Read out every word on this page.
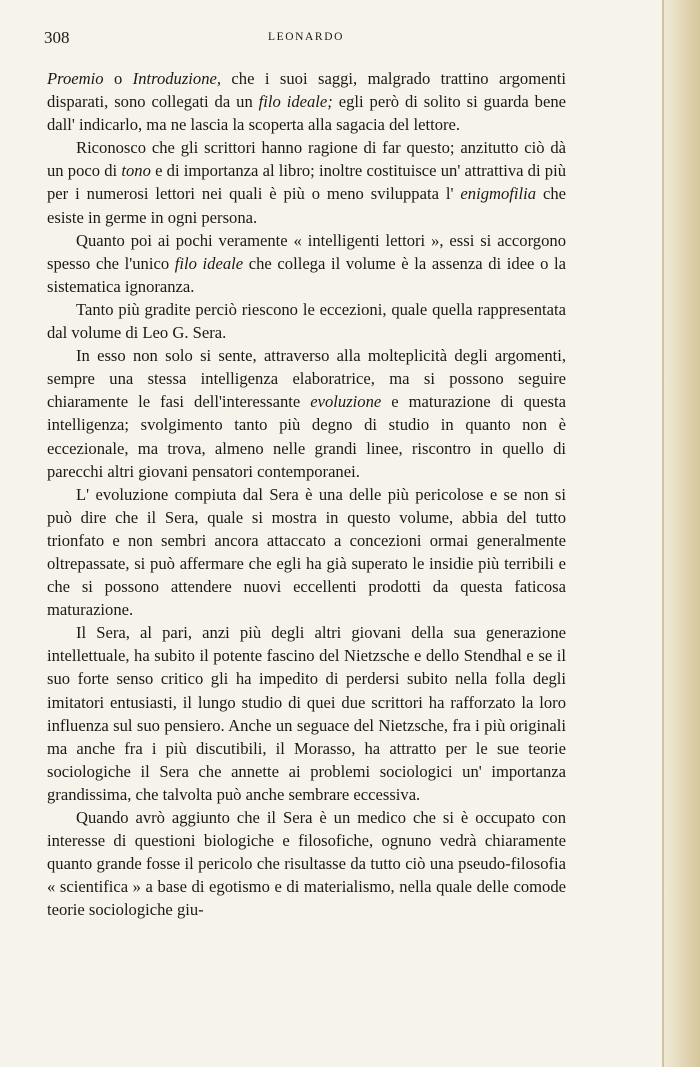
308	LEONARDO

Proemio o Introduzione, che i suoi saggi, malgrado trattino argomenti disparati, sono collegati da un filo ideale; egli però di solito si guarda bene dall' indicarlo, ma ne lascia la scoperta alla sagacia del lettore.

Riconosco che gli scrittori hanno ragione di far questo; anzitutto ciò dà un poco di tono e di importanza al libro; inoltre costituisce un' attrattiva di più per i numerosi lettori nei quali è più o meno sviluppata l' enigmofilia che esiste in germe in ogni persona.

Quanto poi ai pochi veramente « intelligenti lettori », essi si accorgono spesso che l'unico filo ideale che collega il volume è la assenza di idee o la sistematica ignoranza.

Tanto più gradite perciò riescono le eccezioni, quale quella rappresentata dal volume di Leo G. Sera.

In esso non solo si sente, attraverso alla molteplicità degli argomenti, sempre una stessa intelligenza elaboratrice, ma si possono seguire chiaramente le fasi dell'interessante evoluzione e maturazione di questa intelligenza; svolgimento tanto più degno di studio in quanto non è eccezionale, ma trova, almeno nelle grandi linee, riscontro in quello di parecchi altri giovani pensatori contemporanei.

L' evoluzione compiuta dal Sera è una delle più pericolose e se non si può dire che il Sera, quale si mostra in questo volume, abbia del tutto trionfato e non sembri ancora attaccato a concezioni ormai generalmente oltrepassate, si può affermare che egli ha già superato le insidie più terribili e che si possono attendere nuovi eccellenti prodotti da questa faticosa maturazione.

Il Sera, al pari, anzi più degli altri giovani della sua generazione intellettuale, ha subito il potente fascino del Nietzsche e dello Stendhal e se il suo forte senso critico gli ha impedito di perdersi subito nella folla degli imitatori entusiasti, il lungo studio di quei due scrittori ha rafforzato la loro influenza sul suo pensiero. Anche un seguace del Nietzsche, fra i più originali ma anche fra i più discutibili, il Morasso, ha attratto per le sue teorie sociologiche il Sera che annette ai problemi sociologici un' importanza grandissima, che talvolta può anche sembrare eccessiva.

Quando avrò aggiunto che il Sera è un medico che si è occupato con interesse di questioni biologiche e filosofiche, ognuno vedrà chiaramente quanto grande fosse il pericolo che risultasse da tutto ciò una pseudo-filosofia « scientifica » a base di egotismo e di materialismo, nella quale delle comode teorie sociologiche giu-
